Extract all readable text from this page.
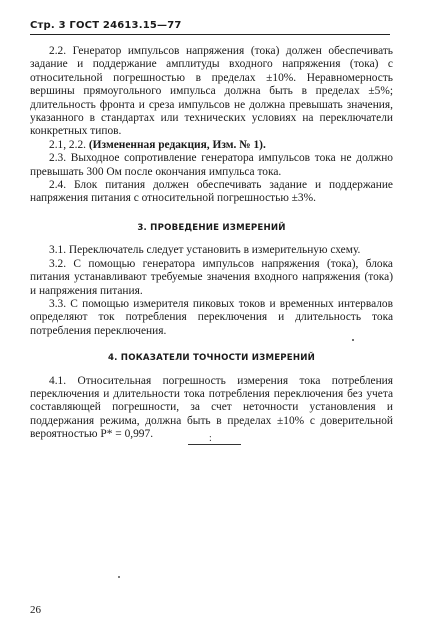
Стр. 3 ГОСТ 24613.15—77

2.2. Генератор импульсов напряжения (тока) должен обеспечивать задание и поддержание амплитуды входного напряжения (тока) с относительной погрешностью в пределах ±10%. Неравномерность вершины прямоугольного импульса должна быть в пределах ±5%; длительность фронта и среза импульсов не должна превышать значения, указанного в стандартах или технических условиях на переключатели конкретных типов.

2.1, 2.2. (Измененная редакция, Изм. № 1).

2.3. Выходное сопротивление генератора импульсов тока не должно превышать 300 Ом после окончания импульса тока.

2.4. Блок питания должен обеспечивать задание и поддержание напряжения питания с относительной погрешностью ±3%.

3. ПРОВЕДЕНИЕ ИЗМЕРЕНИЙ

3.1. Переключатель следует установить в измерительную схему.

3.2. С помощью генератора импульсов напряжения (тока), блока питания устанавливают требуемые значения входного напряжения (тока) и напряжения питания.

3.3. С помощью измерителя пиковых токов и временных интервалов определяют ток потребления переключения и длительность тока потребления переключения.

4. ПОКАЗАТЕЛИ ТОЧНОСТИ ИЗМЕРЕНИЙ

4.1. Относительная погрешность измерения тока потребления переключения и длительности тока потребления переключения без учета составляющей погрешности, за счет неточности установления и поддержания режима, должна быть в пределах ±10% с доверительной вероятностью P* = 0,997.	:
26
